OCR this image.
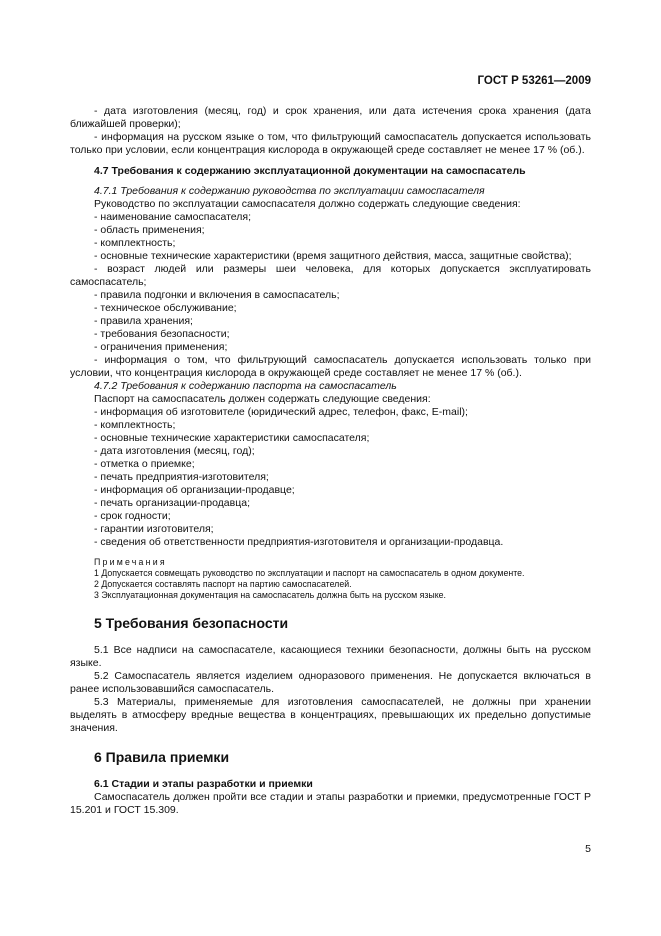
ГОСТ Р 53261—2009

- дата изготовления (месяц, год) и срок хранения, или дата истечения срока хранения (дата ближайшей проверки);

- информация на русском языке о том, что фильтрующий самоспасатель допускается использовать только при условии, если концентрация кислорода в окружающей среде составляет не менее 17 % (об.).

4.7 Требования к содержанию эксплуатационной документации на самоспасатель
4.7.1 Требования к содержанию руководства по эксплуатации самоспасателя

Руководство по эксплуатации самоспасателя должно содержать следующие сведения:

- наименование самоспасателя;

- область применения;

- комплектность;

- основные технические характеристики (время защитного действия, масса, защитные свойства);

- возраст людей или размеры шеи человека, для которых допускается эксплуатировать самоспасатель;

- правила подгонки и включения в самоспасатель;

- техническое обслуживание;

- правила хранения;

- требования безопасности;

- ограничения применения;

- информация о том, что фильтрующий самоспасатель допускается использовать только при условии, что концентрация кислорода в окружающей среде составляет не менее 17 % (об.).

4.7.2 Требования к содержанию паспорта на самоспасатель

Паспорт на самоспасатель должен содержать следующие сведения:

- информация об изготовителе (юридический адрес, телефон, факс, E-mail);

- комплектность;

- основные технические характеристики самоспасателя;

- дата изготовления (месяц, год);

- отметка о приемке;

- печать предприятия-изготовителя;

- информация об организации-продавце;

- печать организации-продавца;

- срок годности;

- гарантии изготовителя;

- сведения об ответственности предприятия-изготовителя и организации-продавца.

Примечания
1 Допускается совмещать руководство по эксплуатации и паспорт на самоспасатель в одном документе.
2 Допускается составлять паспорт на партию самоспасателей.
3 Эксплуатационная документация на самоспасатель должна быть на русском языке.
5 Требования безопасности

5.1 Все надписи на самоспасателе, касающиеся техники безопасности, должны быть на русском языке.

5.2 Самоспасатель является изделием одноразового применения. Не допускается включаться в ранее использовавшийся самоспасатель.

5.3 Материалы, применяемые для изготовления самоспасателей, не должны при хранении выделять в атмосферу вредные вещества в концентрациях, превышающих их предельно допустимые значения.

6 Правила приемки
6.1 Стадии и этапы разработки и приемки

Самоспасатель должен пройти все стадии и этапы разработки и приемки, предусмотренные ГОСТ Р 15.201 и ГОСТ 15.309.

5
